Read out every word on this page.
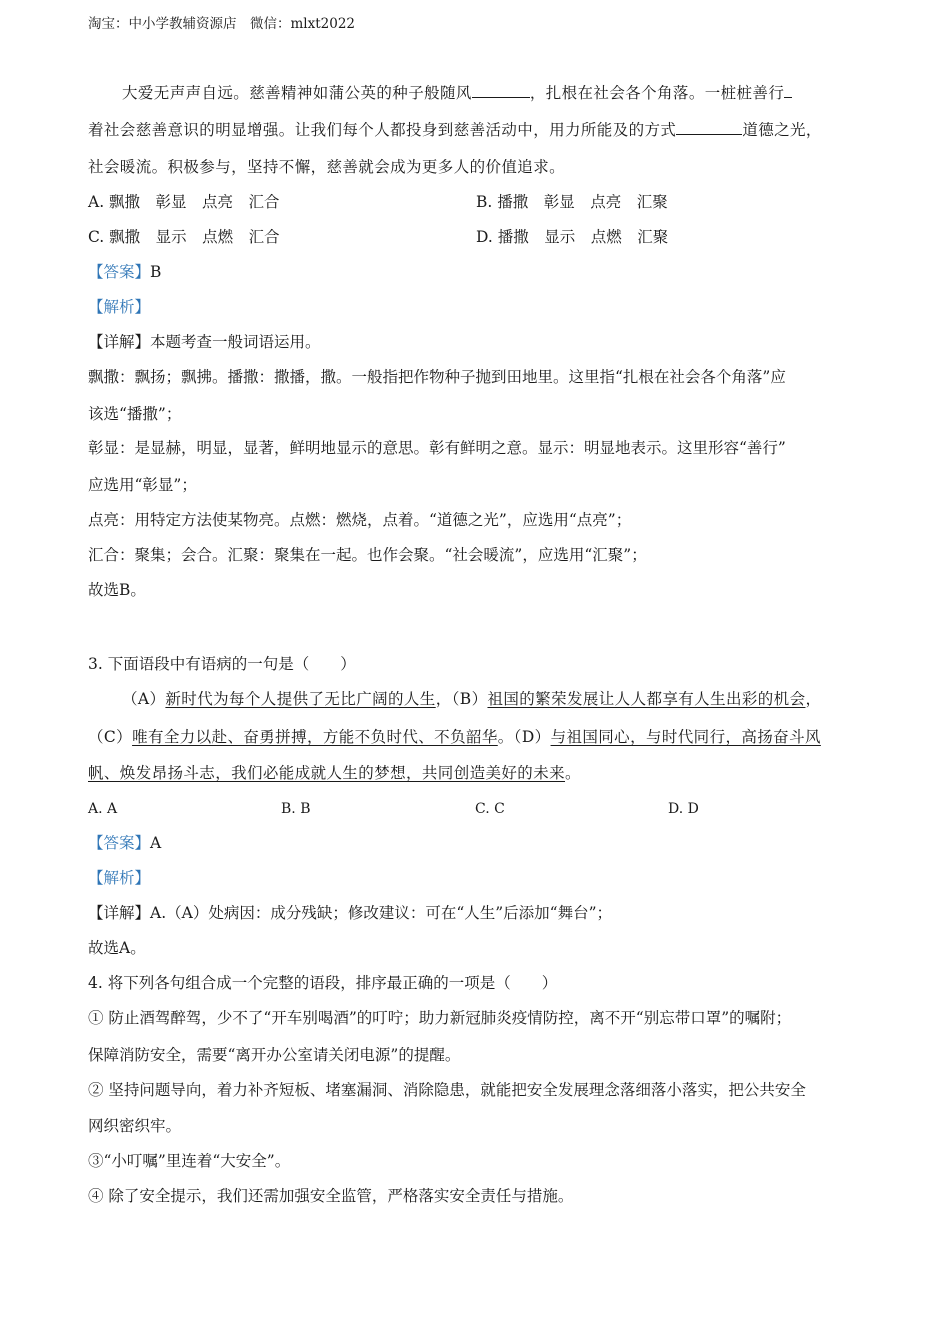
淘宝：中小学教辅资源店　微信：mlxt2022
大爱无声声自远。慈善精神如蒲公英的种子般随风	，扎根在社会各个角落。一桩桩善行
着社会慈善意识的明显增强。让我们每个人都投身到慈善活动中，用力所能及的方式	道德之光，
社会暖流。积极参与，坚持不懈，慈善就会成为更多人的价值追求。
A. 飘撒　彰显　点亮　汇合	B. 播撒　彰显　点亮　汇聚
C. 飘撒　显示　点燃　汇合	D. 播撒　显示　点燃　汇聚
【答案】B
【解析】
【详解】本题考查一般词语运用。
飘撒：飘扬；飘拂。播撒：撒播，撒。一般指把作物种子抛到田地里。这里指“扎根在社会各个角落”应
该选“播撒”；
彰显：是显赫，明显，显著，鲜明地显示的意思。彰有鲜明之意。显示：明显地表示。这里形容“善行”
应选用“彰显”；
点亮：用特定方法使某物亮。点燃：燃烧，点着。“道德之光”，应选用“点亮”；
汇合：聚集；会合。汇聚：聚集在一起。也作会聚。“社会暖流”，应选用“汇聚”；
故选B。
3. 下面语段中有语病的一句是（　　）
（A）新时代为每个人提供了无比广阔的人生，（B）祖国的繁荣发展让人人都享有人生出彩的机会，
（C）唯有全力以赴、奋勇拼搏，方能不负时代、不负韶华。（D）与祖国同心，与时代同行，高扬奋斗风
帆、焕发昂扬斗志，我们必能成就人生的梦想，共同创造美好的未来。
A. A	B. B	C. C	D. D
【答案】A
【解析】
【详解】A.（A）处病因：成分残缺；修改建议：可在“人生”后添加“舞台”；
故选A。
4. 将下列各句组合成一个完整的语段，排序最正确的一项是（　　）
① 防止酒驾醉驾，少不了“开车别喝酒”的叮咛；助力新冠肺炎疫情防控，离不开“别忘带口罩”的嘱附；
保障消防安全，需要“离开办公室请关闭电源”的提醒。
② 坚持问题导向，着力补齐短板、堵塞漏洞、消除隐患，就能把安全发展理念落细落小落实，把公共安全
网织密织牢。
③“小叮嘱”里连着“大安全”。
④ 除了安全提示，我们还需加强安全监管，严格落实安全责任与措施。
